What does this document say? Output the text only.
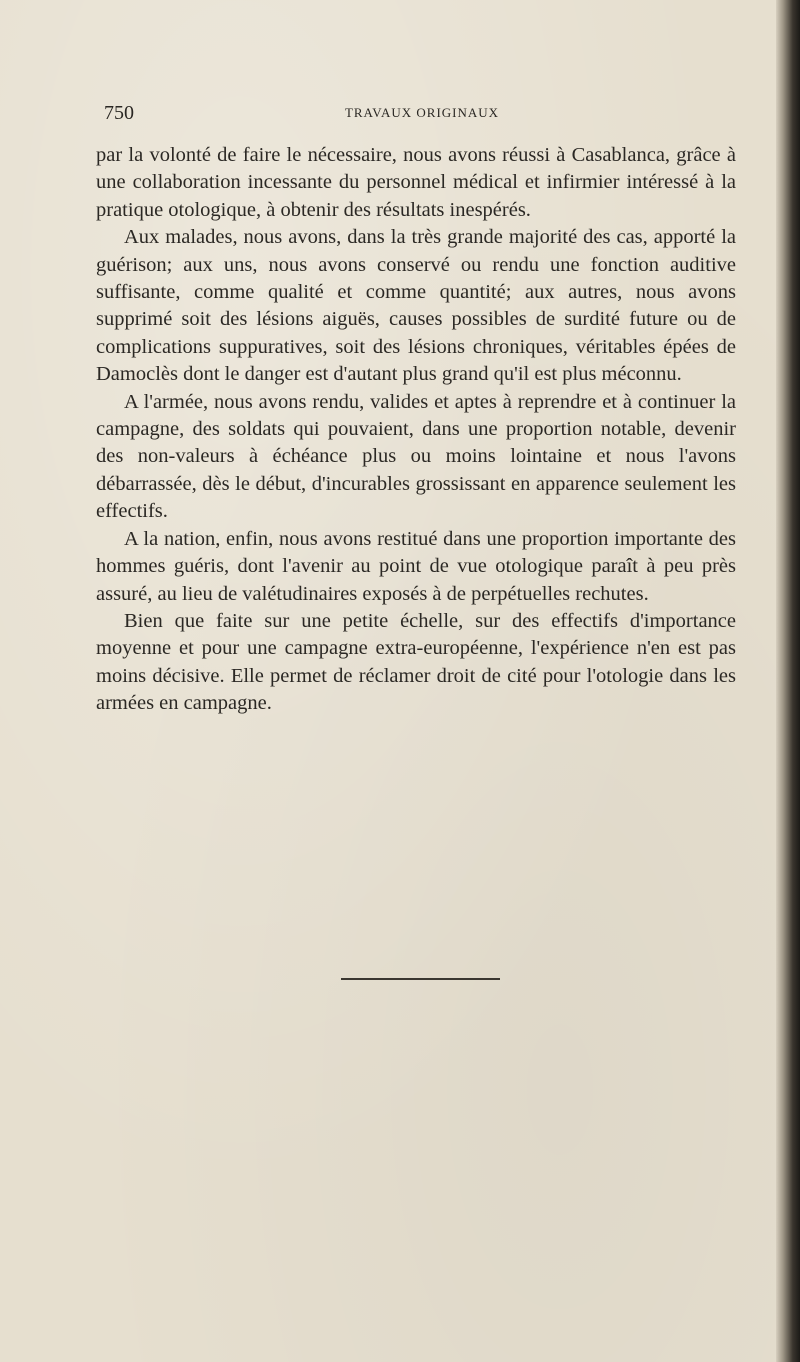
750	TRAVAUX ORIGINAUX

par la volonté de faire le nécessaire, nous avons réussi à Casablanca, grâce à une collaboration incessante du personnel médical et infirmier intéressé à la pratique otologique, à obtenir des résultats inespérés.

Aux malades, nous avons, dans la très grande majorité des cas, apporté la guérison; aux uns, nous avons conservé ou rendu une fonction auditive suffisante, comme qualité et comme quantité; aux autres, nous avons supprimé soit des lésions aiguës, causes possibles de surdité future ou de complications suppuratives, soit des lésions chroniques, véritables épées de Damoclès dont le danger est d'autant plus grand qu'il est plus méconnu.

A l'armée, nous avons rendu, valides et aptes à reprendre et à continuer la campagne, des soldats qui pouvaient, dans une proportion notable, devenir des non-valeurs à échéance plus ou moins lointaine et nous l'avons débarrassée, dès le début, d'incurables grossissant en apparence seulement les effectifs.

A la nation, enfin, nous avons restitué dans une proportion importante des hommes guéris, dont l'avenir au point de vue otologique paraît à peu près assuré, au lieu de valétudinaires exposés à de perpétuelles rechutes.

Bien que faite sur une petite échelle, sur des effectifs d'importance moyenne et pour une campagne extra-européenne, l'expérience n'en est pas moins décisive. Elle permet de réclamer droit de cité pour l'otologie dans les armées en campagne.
